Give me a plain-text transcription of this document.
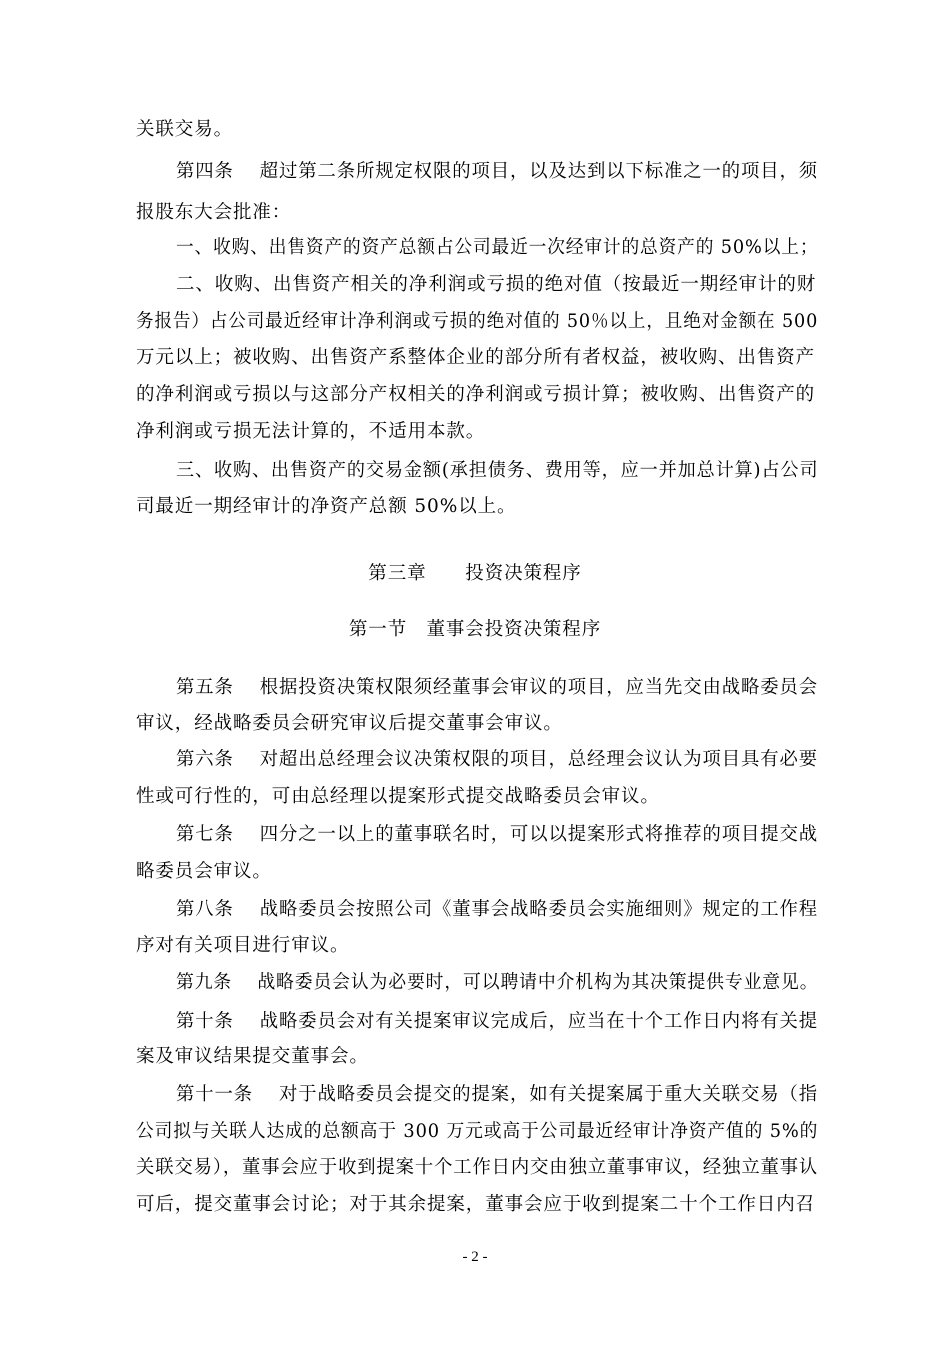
关联交易。
第四条　 超过第二条所规定权限的项目，以及达到以下标准之一的项目，须
报股东大会批准：
一、收购、出售资产的资产总额占公司最近一次经审计的总资产的 50%以上；
二、收购、出售资产相关的净利润或亏损的绝对值（按最近一期经审计的财
务报告）占公司最近经审计净利润或亏损的绝对值的 50％以上，且绝对金额在 500
万元以上；被收购、出售资产系整体企业的部分所有者权益，被收购、出售资产
的净利润或亏损以与这部分产权相关的净利润或亏损计算；被收购、出售资产的
净利润或亏损无法计算的，不适用本款。
三、收购、出售资产的交易金额(承担债务、费用等，应一并加总计算)占公司
司最近一期经审计的净资产总额 50%以上。
第三章　　投资决策程序
第一节　董事会投资决策程序
第五条　 根据投资决策权限须经董事会审议的项目，应当先交由战略委员会
审议，经战略委员会研究审议后提交董事会审议。
第六条　 对超出总经理会议决策权限的项目，总经理会议认为项目具有必要
性或可行性的，可由总经理以提案形式提交战略委员会审议。
第七条　 四分之一以上的董事联名时，可以以提案形式将推荐的项目提交战
略委员会审议。
第八条　 战略委员会按照公司《董事会战略委员会实施细则》规定的工作程
序对有关项目进行审议。
第九条　 战略委员会认为必要时，可以聘请中介机构为其决策提供专业意见。
第十条　 战略委员会对有关提案审议完成后，应当在十个工作日内将有关提
案及审议结果提交董事会。
第十一条　 对于战略委员会提交的提案，如有关提案属于重大关联交易（指
公司拟与关联人达成的总额高于 300 万元或高于公司最近经审计净资产值的 5%的
关联交易），董事会应于收到提案十个工作日内交由独立董事审议，经独立董事认
可后，提交董事会讨论；对于其余提案，董事会应于收到提案二十个工作日内召
- 2 -
